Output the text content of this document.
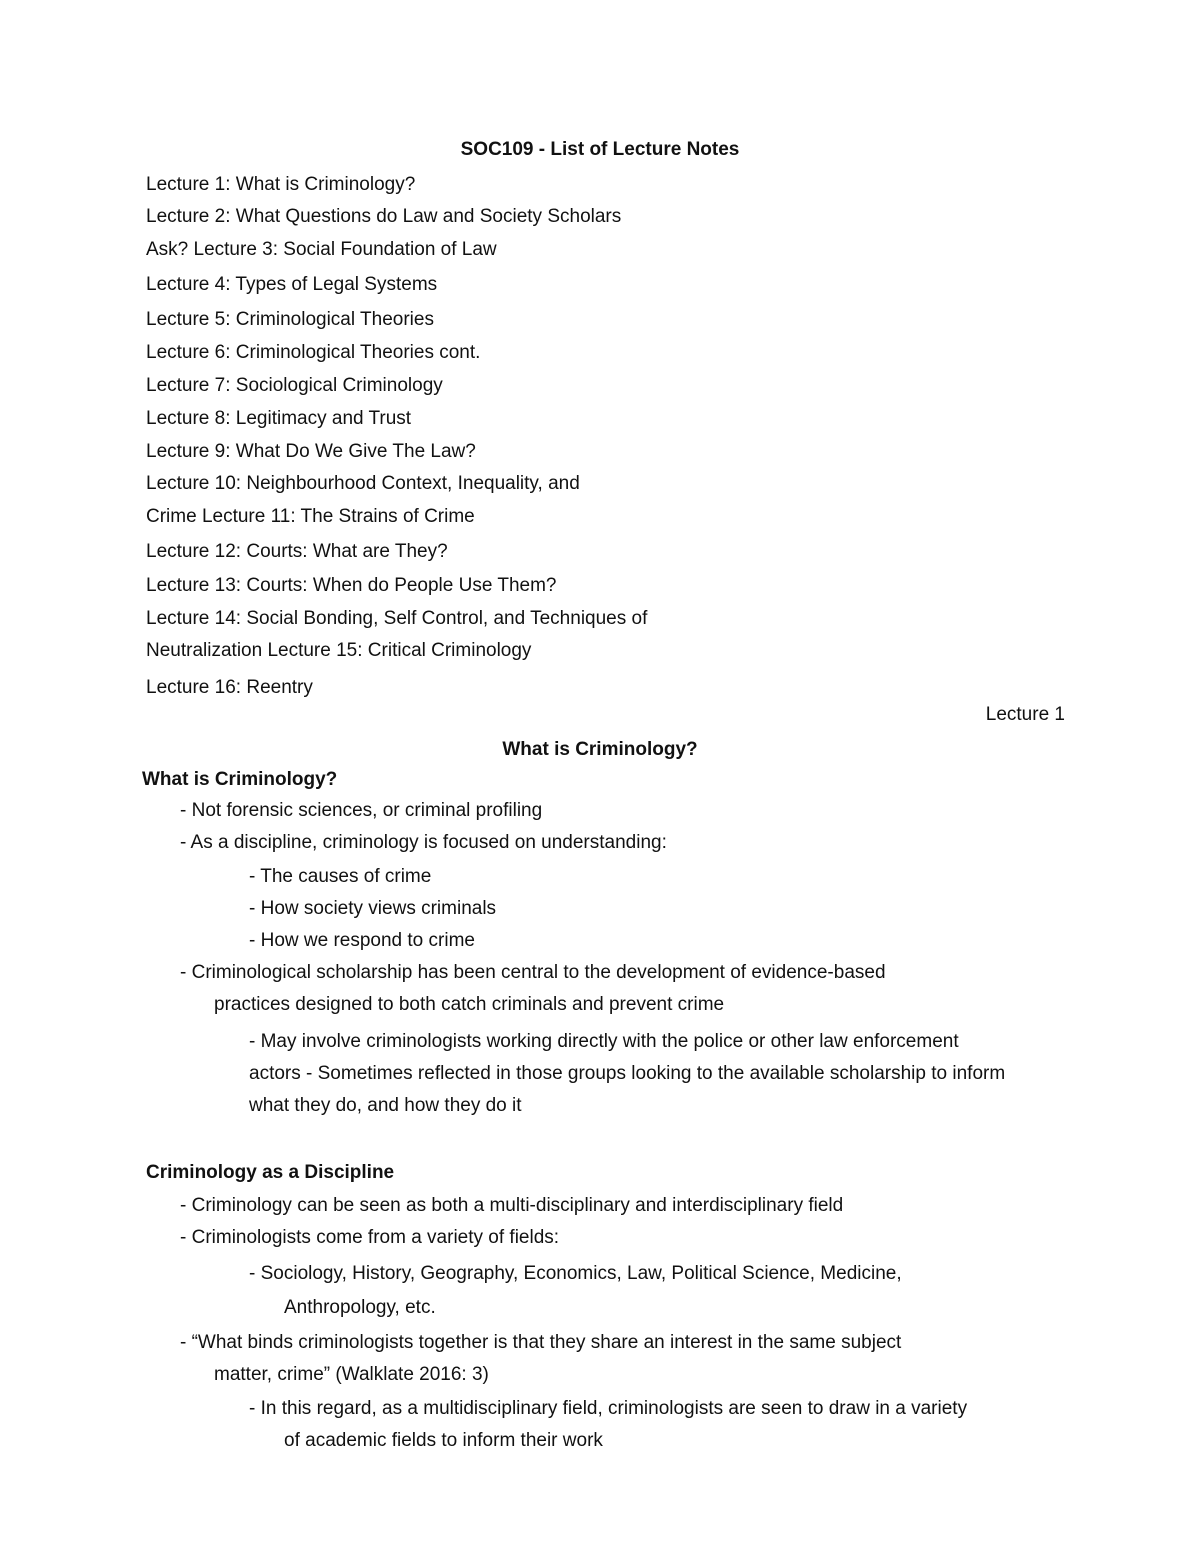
SOC109 - List of Lecture Notes
Lecture 1: What is Criminology?
Lecture 2: What Questions do Law and Society Scholars
Ask? Lecture 3: Social Foundation of Law
Lecture 4: Types of Legal Systems
Lecture 5: Criminological Theories
Lecture 6: Criminological Theories cont.
Lecture 7: Sociological Criminology
Lecture 8: Legitimacy and Trust
Lecture 9: What Do We Give The Law?
Lecture 10: Neighbourhood Context, Inequality, and
Crime Lecture 11: The Strains of Crime
Lecture 12: Courts: What are They?
Lecture 13: Courts: When do People Use Them?
Lecture 14: Social Bonding, Self Control, and Techniques of
Neutralization Lecture 15: Critical Criminology
Lecture 16: Reentry
Lecture 1
What is Criminology?
What is Criminology?
- Not forensic sciences, or criminal profiling
- As a discipline, criminology is focused on understanding:
- The causes of crime
- How society views criminals
- How we respond to crime
- Criminological scholarship has been central to the development of evidence-based
practices designed to both catch criminals and prevent crime
- May involve criminologists working directly with the police or other law enforcement
actors - Sometimes reflected in those groups looking to the available scholarship to inform
what they do, and how they do it
Criminology as a Discipline
- Criminology can be seen as both a multi-disciplinary and interdisciplinary field
- Criminologists come from a variety of fields:
- Sociology, History, Geography, Economics, Law, Political Science, Medicine,
Anthropology, etc.
- “What binds criminologists together is that they share an interest in the same subject
matter, crime” (Walklate 2016: 3)
- In this regard, as a multidisciplinary field, criminologists are seen to draw in a variety
of academic fields to inform their work
